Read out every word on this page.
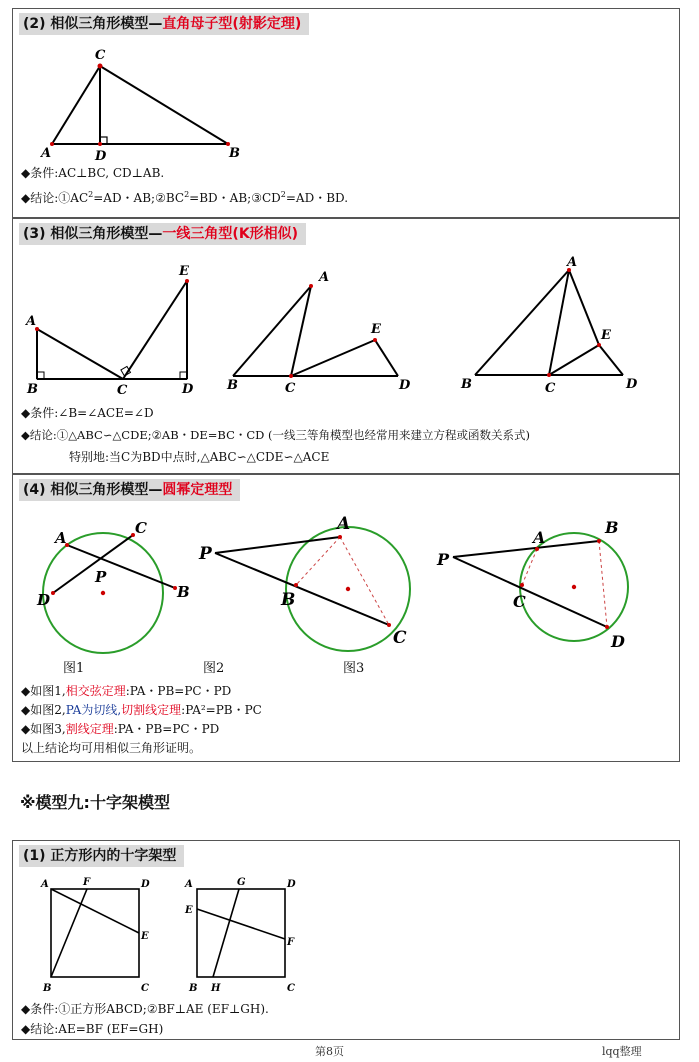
(2) 相似三角形模型—直角母子型(射影定理)
C
A	D	B
◆条件:AC⊥BC, CD⊥AB.
◆结论$:①AC^2=AD$・$AB;②BC^2=BD$・$AB;③CD^2=AD$・BD.
(3) 相似三角形模型—一线三角型(K形相似)
A
B	C	D
E	A
B	C	D
E
A
B	C	D
E
◆条件:∠B=∠ACE=∠D
◆结论:①△ABC∽△CDE;②AB・DE=BC・CD (一线三等角模型也经常用来建立方程或函数关系式)
特别地:当C为BD中点时,△ABC∽△CDE∽△ACE
(4) 相似三角形模型—圆幂定理型
A
C
P
D	B
P
A
B
C
P
A
B
C
D
图1	图2	图3
◆如图1,相交弦定理:PA・PB=PC・PD
◆如图2,PA为切线,切割线定理:PA²=PB・PC
◆如图3,割线定理:PA・PB=PC・PD
以上结论均可用相似三角形证明。
※模型九:十字架模型
(1) 正方形内的十字架型
A	F	D
E
B	C
A	G	D
E
F
B H	C
◆条件:①正方形ABCD;②BF⊥AE (EF⊥GH).
◆结论:AE=BF (EF=GH)
第8页	lqq整理
